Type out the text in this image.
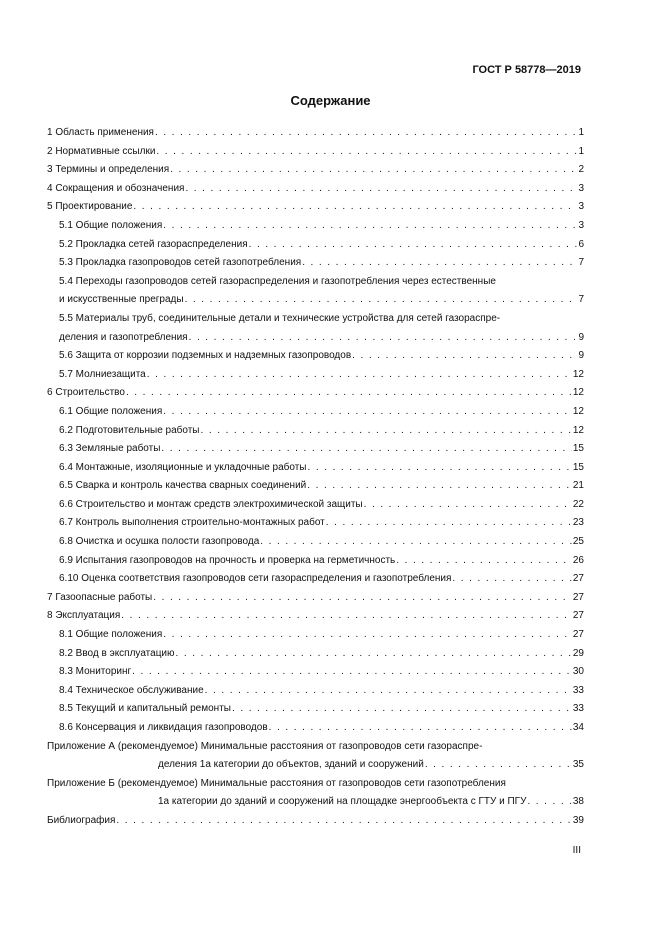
ГОСТ Р 58778—2019
Содержание
1 Область применения . . .	1
2 Нормативные ссылки . . .	1
3 Термины и определения . . .	2
4 Сокращения и обозначения . . .	3
5 Проектирование . . .	3
5.1 Общие положения . . .	3
5.2 Прокладка сетей газораспределения . . .	6
5.3 Прокладка газопроводов сетей газопотребления . . .	7
5.4 Переходы газопроводов сетей газораспределения и газопотребления через естественные
и искусственные преграды . . .	7
5.5 Материалы труб, соединительные детали и технические устройства для сетей газораспре-
деления и газопотребления . . .	9
5.6 Защита от коррозии подземных и надземных газопроводов . . .	9
5.7 Молниезащита . . .	12
6 Строительство . . .	12
6.1 Общие положения . . .	12
6.2 Подготовительные работы . . .	12
6.3 Земляные работы . . .	15
6.4 Монтажные, изоляционные и укладочные работы . . .	15
6.5 Сварка и контроль качества сварных соединений . . .	21
6.6 Строительство и монтаж средств электрохимической защиты . . .	22
6.7 Контроль выполнения строительно-монтажных работ . . .	23
6.8 Очистка и осушка полости газопровода . . .	25
6.9 Испытания газопроводов на прочность и проверка на герметичность . . .	26
6.10 Оценка соответствия газопроводов сети газораспределения и газопотребления . . .	27
7 Газоопасные работы . . .	27
8 Эксплуатация . . .	27
8.1 Общие положения . . .	27
8.2 Ввод в эксплуатацию . . .	29
8.3 Мониторинг . . .	30
8.4 Техническое обслуживание . . .	33
8.5 Текущий и капитальный ремонты . . .	33
8.6 Консервация и ликвидация газопроводов . . .	34
Приложение А (рекомендуемое) Минимальные расстояния от газопроводов сети газораспре-
деления 1а категории до объектов, зданий и сооружений . . .	35
Приложение Б (рекомендуемое) Минимальные расстояния от газопроводов сети газопотребления
1а категории до зданий и сооружений на площадке энергообъекта с ГТУ и ПГУ . . .	38
Библиография . . .	39
III
